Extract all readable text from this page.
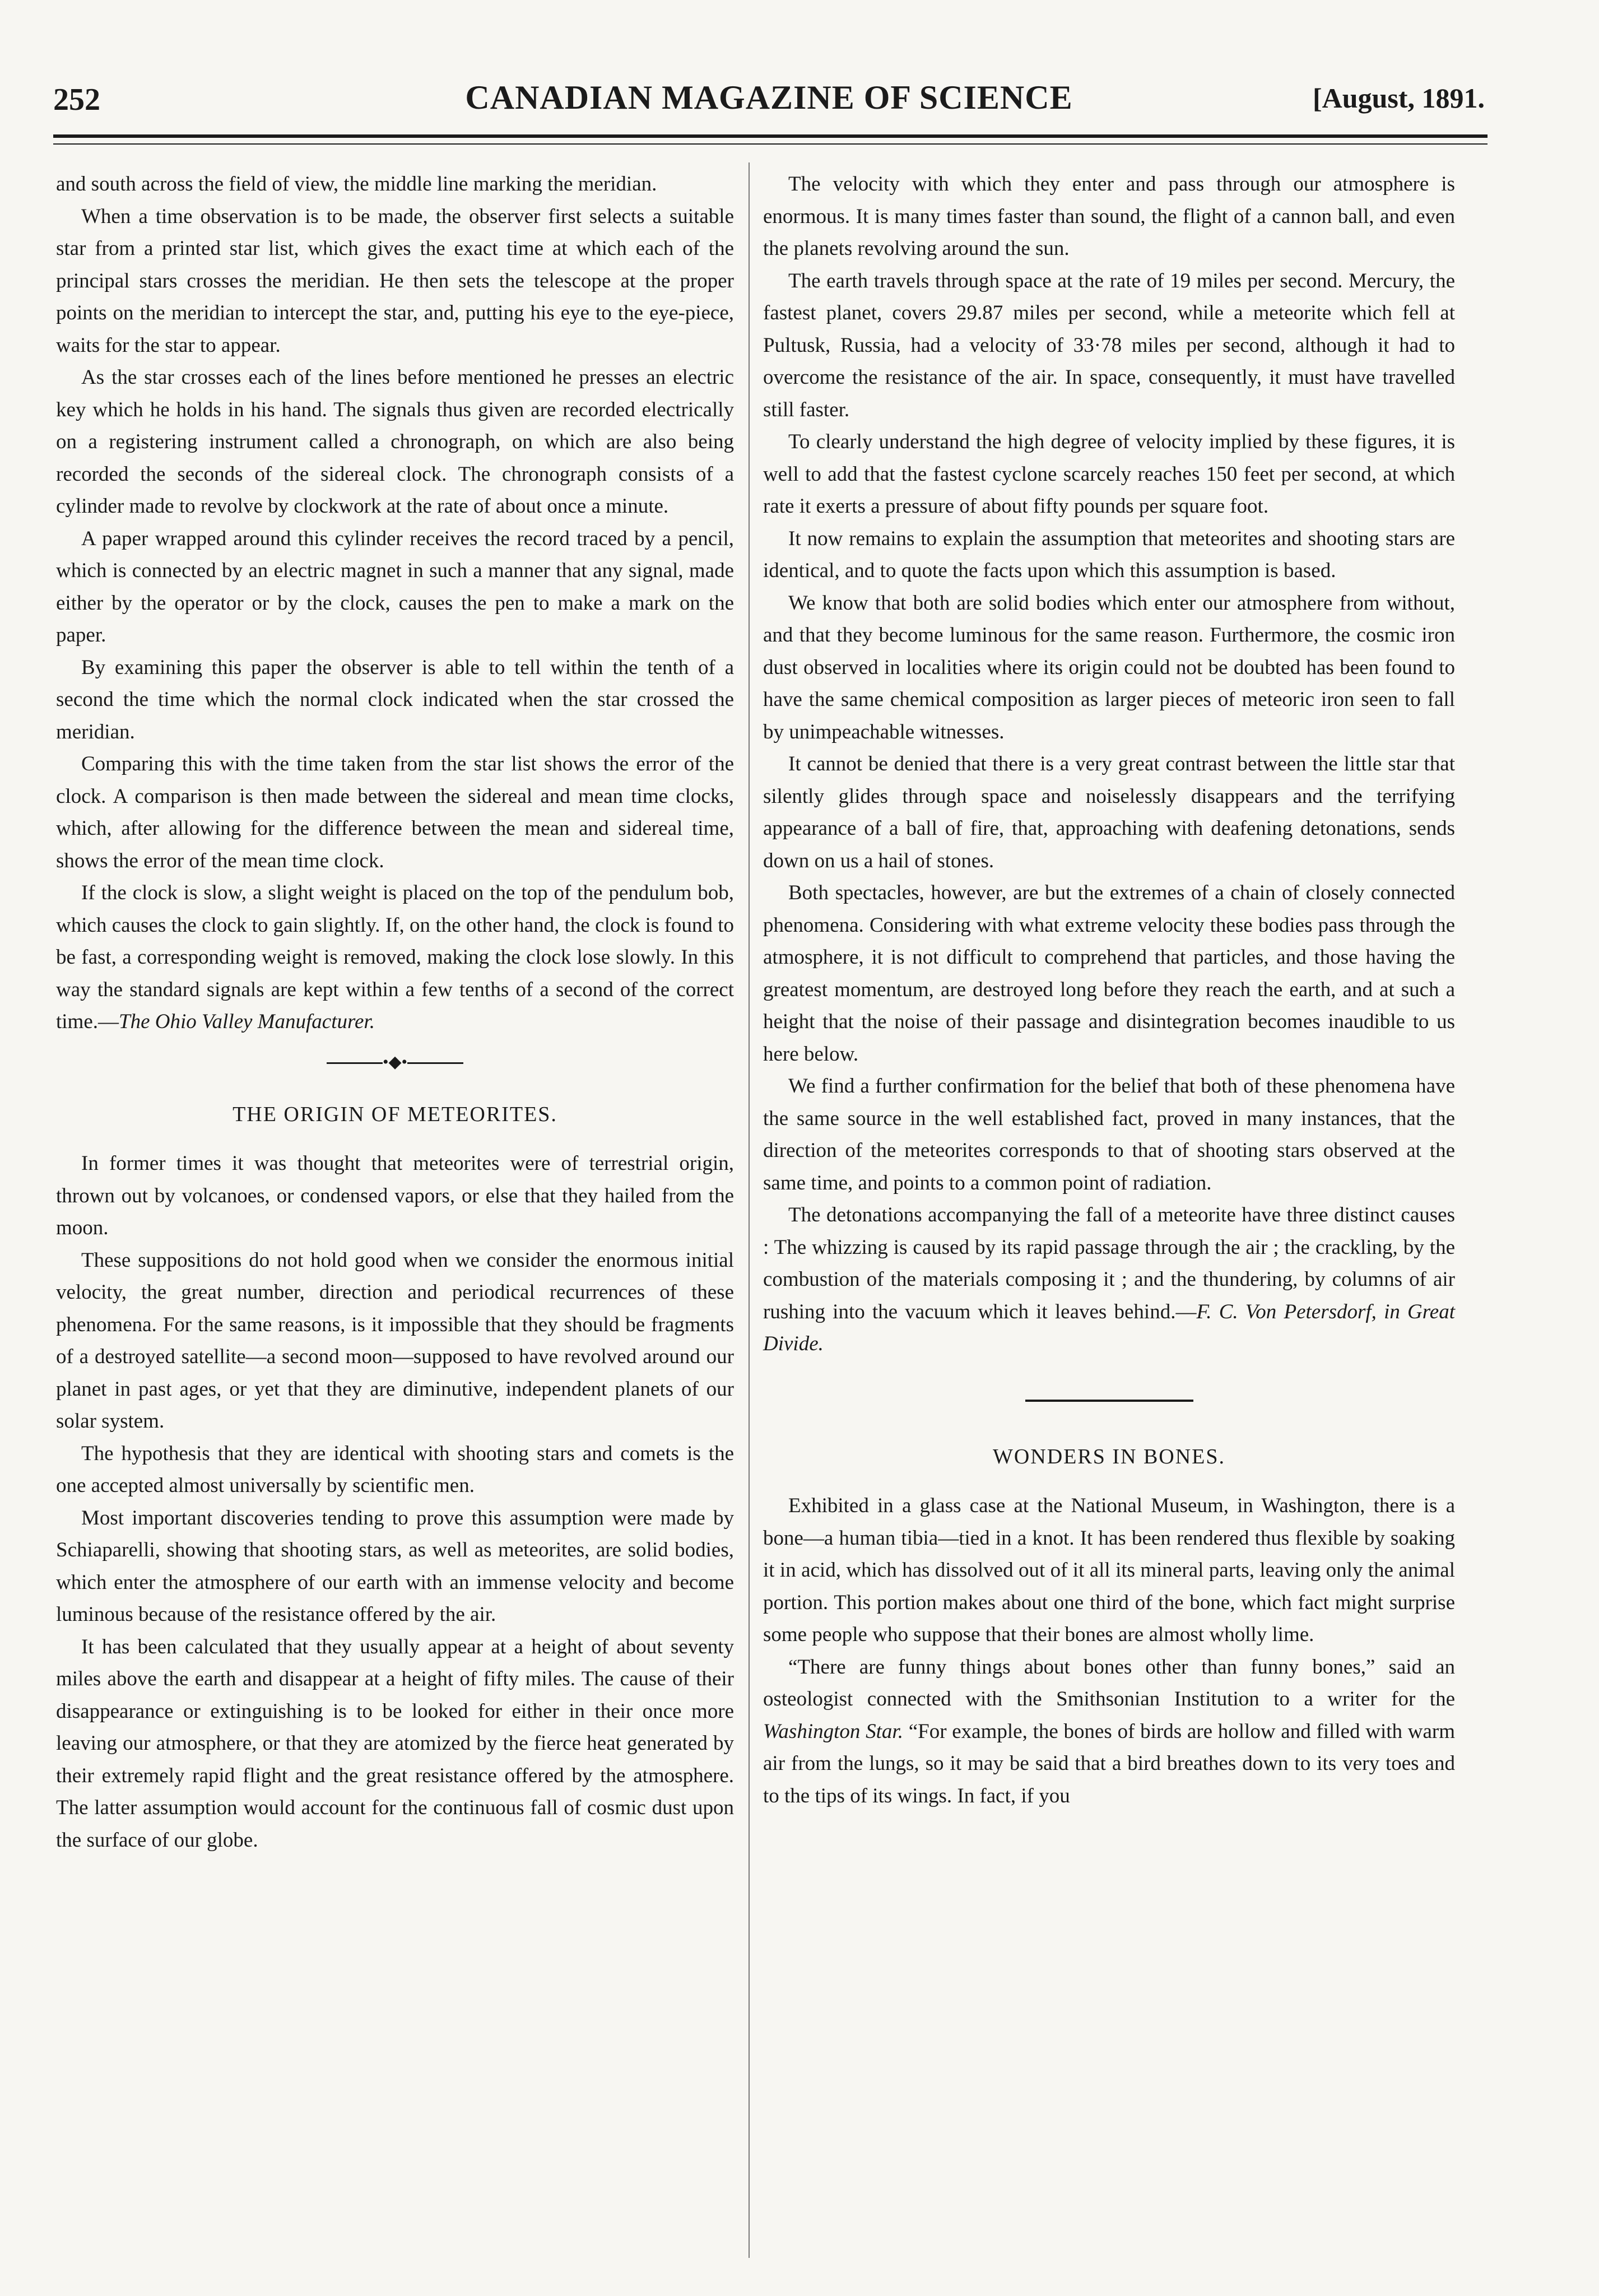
252	CANADIAN MAGAZINE OF SCIENCE	[August, 1891.

and south across the field of view, the middle line marking the meridian.

When a time observation is to be made, the observer first selects a suitable star from a printed star list, which gives the exact time at which each of the principal stars crosses the meridian. He then sets the telescope at the proper points on the meridian to intercept the star, and, putting his eye to the eye-piece, waits for the star to appear.

As the star crosses each of the lines before mentioned he presses an electric key which he holds in his hand. The signals thus given are recorded electrically on a registering instrument called a chronograph, on which are also being recorded the seconds of the sidereal clock. The chronograph consists of a cylinder made to revolve by clockwork at the rate of about once a minute.

A paper wrapped around this cylinder receives the record traced by a pencil, which is connected by an electric magnet in such a manner that any signal, made either by the operator or by the clock, causes the pen to make a mark on the paper.

By examining this paper the observer is able to tell within the tenth of a second the time which the normal clock indicated when the star crossed the meridian.

Comparing this with the time taken from the star list shows the error of the clock. A comparison is then made between the sidereal and mean time clocks, which, after allowing for the difference between the mean and sidereal time, shows the error of the mean time clock.

If the clock is slow, a slight weight is placed on the top of the pendulum bob, which causes the clock to gain slightly. If, on the other hand, the clock is found to be fast, a corresponding weight is removed, making the clock lose slowly. In this way the standard signals are kept within a few tenths of a second of the correct time.—The Ohio Valley Manufacturer.

•◆•
THE ORIGIN OF METEORITES.

In former times it was thought that meteorites were of terrestrial origin, thrown out by volcanoes, or condensed vapors, or else that they hailed from the moon.

These suppositions do not hold good when we consider the enormous initial velocity, the great number, direction and periodical recurrences of these phenomena. For the same reasons, is it impossible that they should be fragments of a destroyed satellite—a second moon—supposed to have revolved around our planet in past ages, or yet that they are diminutive, independent planets of our solar system.

The hypothesis that they are identical with shooting stars and comets is the one accepted almost universally by scientific men.

Most important discoveries tending to prove this assumption were made by Schiaparelli, showing that shooting stars, as well as meteorites, are solid bodies, which enter the atmosphere of our earth with an immense velocity and become luminous because of the resistance offered by the air.

It has been calculated that they usually appear at a height of about seventy miles above the earth and disappear at a height of fifty miles. The cause of their disappearance or extinguishing is to be looked for either in their once more leaving our atmosphere, or that they are atomized by the fierce heat generated by their extremely rapid flight and the great resistance offered by the atmosphere. The latter assumption would account for the continuous fall of cosmic dust upon the surface of our globe.

The velocity with which they enter and pass through our atmosphere is enormous. It is many times faster than sound, the flight of a cannon ball, and even the planets revolving around the sun.

The earth travels through space at the rate of 19 miles per second. Mercury, the fastest planet, covers 29.87 miles per second, while a meteorite which fell at Pultusk, Russia, had a velocity of 33·78 miles per second, although it had to overcome the resistance of the air. In space, consequently, it must have travelled still faster.

To clearly understand the high degree of velocity implied by these figures, it is well to add that the fastest cyclone scarcely reaches 150 feet per second, at which rate it exerts a pressure of about fifty pounds per square foot.

It now remains to explain the assumption that meteorites and shooting stars are identical, and to quote the facts upon which this assumption is based.

We know that both are solid bodies which enter our atmosphere from without, and that they become luminous for the same reason. Furthermore, the cosmic iron dust observed in localities where its origin could not be doubted has been found to have the same chemical composition as larger pieces of meteoric iron seen to fall by unimpeachable witnesses.

It cannot be denied that there is a very great contrast between the little star that silently glides through space and noiselessly disappears and the terrifying appearance of a ball of fire, that, approaching with deafening detonations, sends down on us a hail of stones.

Both spectacles, however, are but the extremes of a chain of closely connected phenomena. Considering with what extreme velocity these bodies pass through the atmosphere, it is not difficult to comprehend that particles, and those having the greatest momentum, are destroyed long before they reach the earth, and at such a height that the noise of their passage and disintegration becomes inaudible to us here below.

We find a further confirmation for the belief that both of these phenomena have the same source in the well established fact, proved in many instances, that the direction of the meteorites corresponds to that of shooting stars observed at the same time, and points to a common point of radiation.

The detonations accompanying the fall of a meteorite have three distinct causes : The whizzing is caused by its rapid passage through the air ; the crackling, by the combustion of the materials composing it ; and the thundering, by columns of air rushing into the vacuum which it leaves behind.—F. C. Von Petersdorf, in Great Divide.

WONDERS IN BONES.

Exhibited in a glass case at the National Museum, in Washington, there is a bone—a human tibia—tied in a knot. It has been rendered thus flexible by soaking it in acid, which has dissolved out of it all its mineral parts, leaving only the animal portion. This portion makes about one third of the bone, which fact might surprise some people who suppose that their bones are almost wholly lime.

“There are funny things about bones other than funny bones,” said an osteologist connected with the Smithsonian Institution to a writer for the Washington Star. “For example, the bones of birds are hollow and filled with warm air from the lungs, so it may be said that a bird breathes down to its very toes and to the tips of its wings. In fact, if you
